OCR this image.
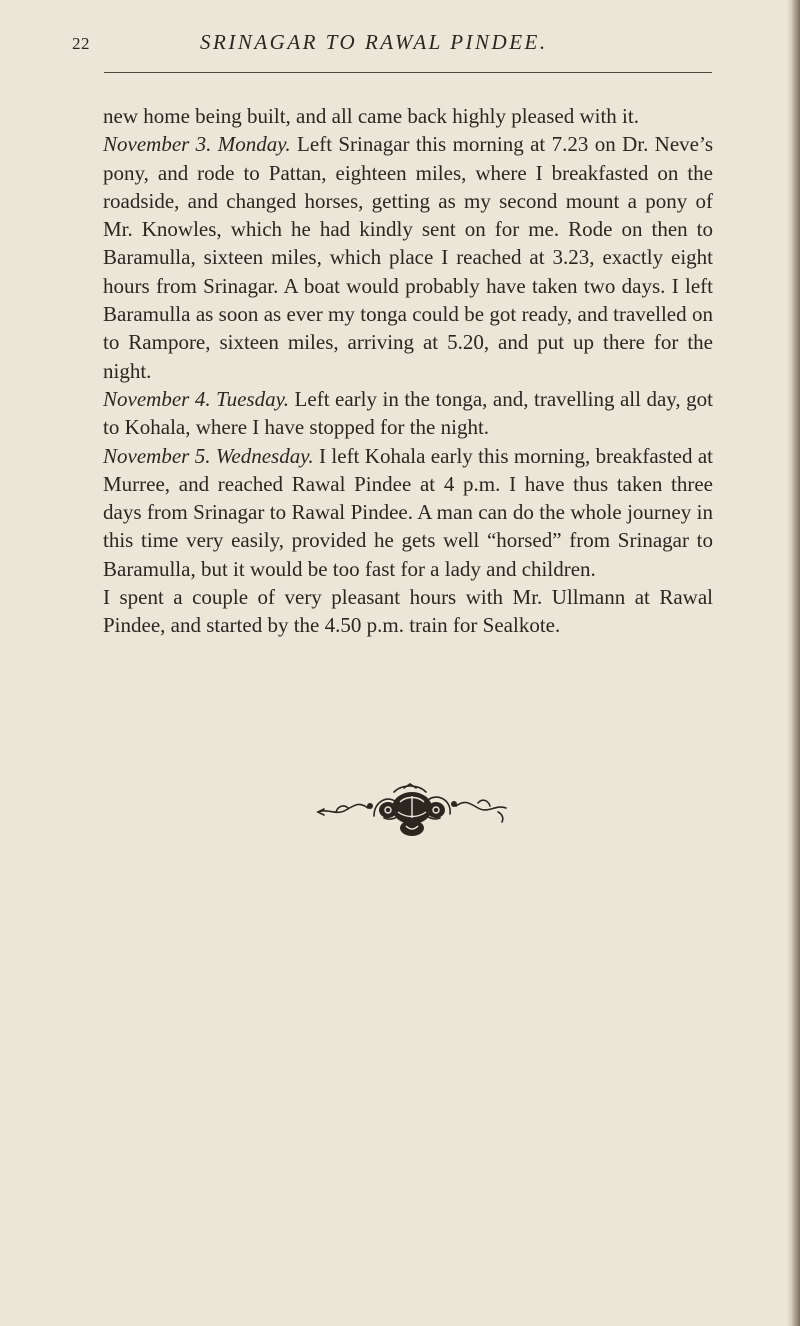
22	SRINAGAR TO RAWAL PINDEE.

new home being built, and all came back highly pleased with it.

November 3. Monday. Left Srinagar this morning at 7.23 on Dr. Neve’s pony, and rode to Pattan, eighteen miles, where I breakfasted on the roadside, and changed horses, getting as my second mount a pony of Mr. Knowles, which he had kindly sent on for me. Rode on then to Baramulla, sixteen miles, which place I reached at 3.23, exactly eight hours from Srinagar. A boat would probably have taken two days. I left Baramulla as soon as ever my tonga could be got ready, and travelled on to Rampore, sixteen miles, arriving at 5.20, and put up there for the night.

November 4. Tuesday. Left early in the tonga, and, travelling all day, got to Kohala, where I have stopped for the night.

November 5. Wednesday. I left Kohala early this morning, breakfasted at Murree, and reached Rawal Pindee at 4 p.m. I have thus taken three days from Srinagar to Rawal Pindee. A man can do the whole journey in this time very easily, provided he gets well “horsed” from Srinagar to Baramulla, but it would be too fast for a lady and children.

I spent a couple of very pleasant hours with Mr. Ullmann at Rawal Pindee, and started by the 4.50 p.m. train for Sealkote.
